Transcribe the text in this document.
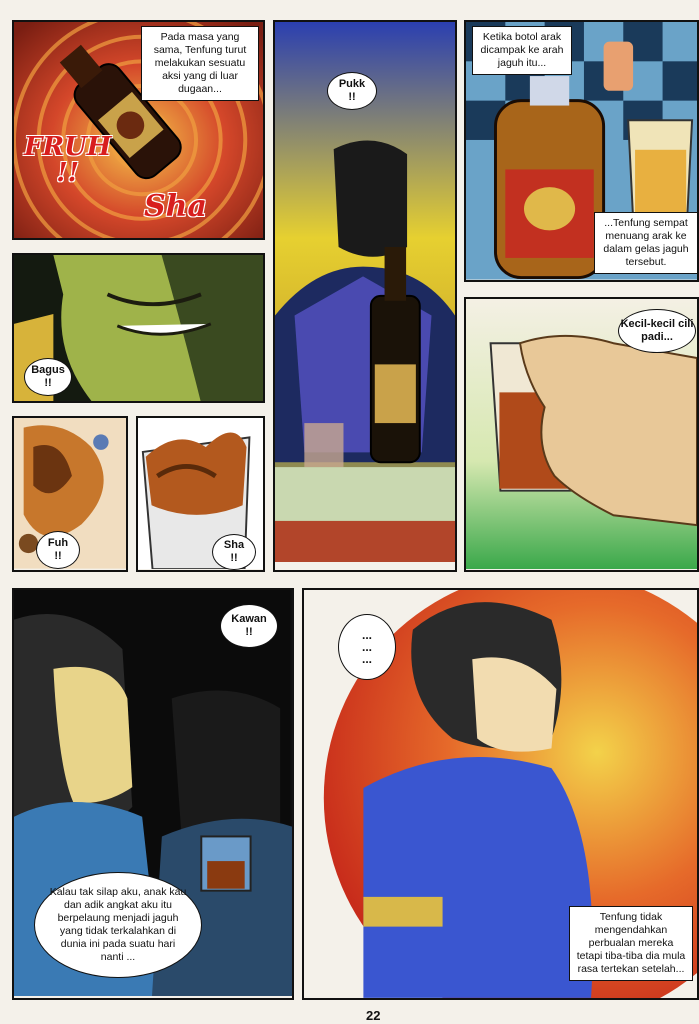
Pada masa yang sama, Tenfung turut melakukan sesuatu aksi yang di luar dugaan...
FRUH
!!
Sha
Bagus
!!
Fuh
!!
Sha
!!
Pukk
!!
Ketika botol arak dicampak ke arah jaguh itu...
...Tenfung sempat menuang arak ke dalam gelas jaguh tersebut.
Kecil-kecil cili padi...
Kawan
!!
Kalau tak silap aku, anak kau dan adik angkat aku itu berpelaung menjadi jaguh yang tidak terkalahkan di dunia ini pada suatu hari nanti ...
...
...
...
Tenfung tidak mengendahkan perbualan mereka tetapi tiba-tiba dia mula rasa tertekan setelah...
22
